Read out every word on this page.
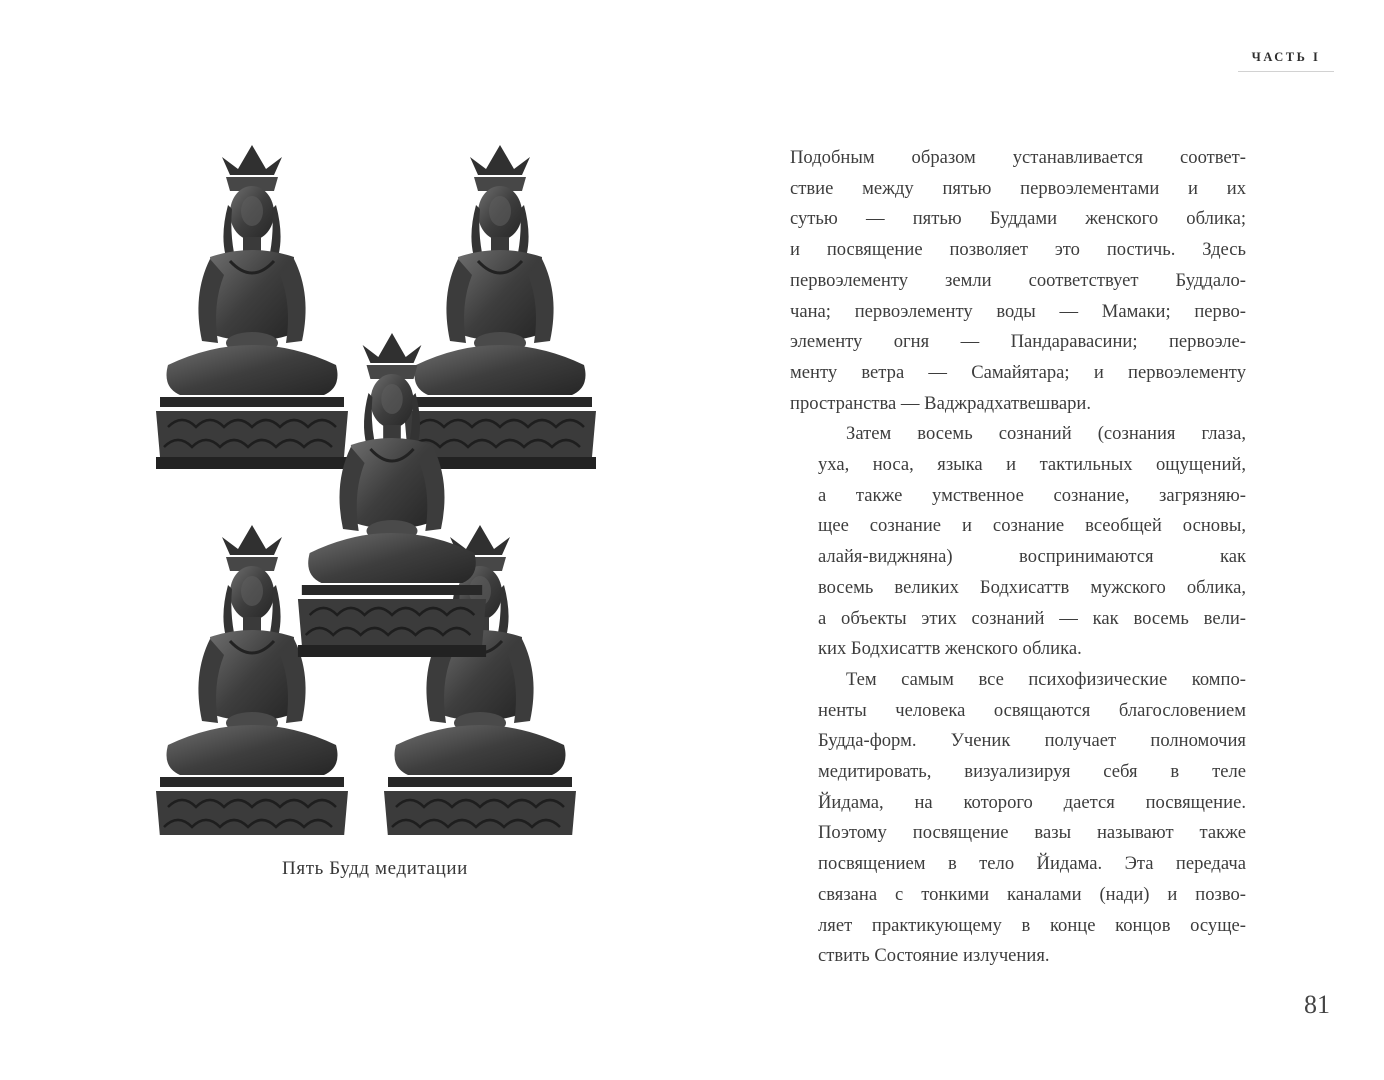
ЧАСТЬ I
Пять Будд медитации

Подобным образом устанавливается соответ-
ствие между пятью первоэлементами и их
сутью — пятью Буддами женского облика;
и посвящение позволяет это постичь. Здесь
первоэлементу земли соответствует Буддало-
чана; первоэлементу воды — Мамаки; перво-
элементу огня — Пандаравасини; первоэле-
менту ветра — Самайятара; и первоэлементу
пространства — Ваджрадхатвешвари.

Затем восемь сознаний (сознания глаза,
уха, носа, языка и тактильных ощущений,
а также умственное сознание, загрязняю-
щее сознание и сознание всеобщей основы,
алайя-виджняна) воспринимаются как
восемь великих Бодхисаттв мужского облика,
а объекты этих сознаний — как восемь вели-
ких Бодхисаттв женского облика.

Тем самым все психофизические компо-
ненты человека освящаются благословением
Будда-форм. Ученик получает полномочия
медитировать, визуализируя себя в теле
Йидама, на которого дается посвящение.
Поэтому посвящение вазы называют также
посвящением в тело Йидама. Эта передача
связана с тонкими каналами (нади) и позво-
ляет практикующему в конце концов осуще-
ствить Состояние излучения.

81
